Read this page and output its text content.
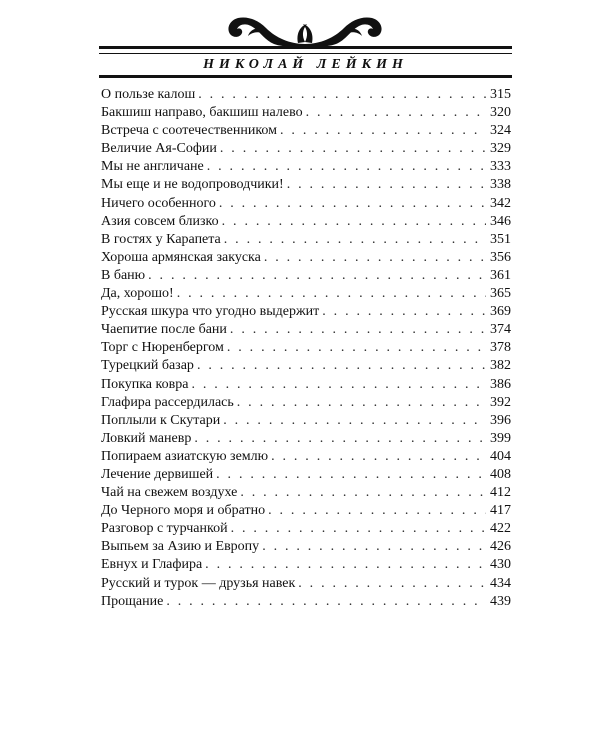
НИКОЛАЙ ЛЕЙКИН
О пользе калош . . .	315
Бакшиш направо, бакшиш налево . . .	320
Встреча с соотечественником . . .	324
Величие Ая-Софии . . .	329
Мы не англичане . . .	333
Мы еще и не водопроводчики! . . .	338
Ничего особенного . . .	342
Азия совсем близко . . .	346
В гостях у Карапета . . .	351
Хороша армянская закуска . . .	356
В баню . . .	361
Да, хорошо! . . .	365
Русская шкура что угодно выдержит . . .	369
Чаепитие после бани . . .	374
Торг с Нюренбергом . . .	378
Турецкий базар . . .	382
Покупка ковра . . .	386
Глафира рассердилась . . .	392
Поплыли к Скутари . . .	396
Ловкий маневр . . .	399
Попираем азиатскую землю . . .	404
Лечение дервишей . . .	408
Чай на свежем воздухе . . .	412
До Черного моря и обратно . . .	417
Разговор с турчанкой . . .	422
Выпьем за Азию и Европу . . .	426
Евнух и Глафира . . .	430
Русский и турок — друзья навек . . .	434
Прощание . . .	439
